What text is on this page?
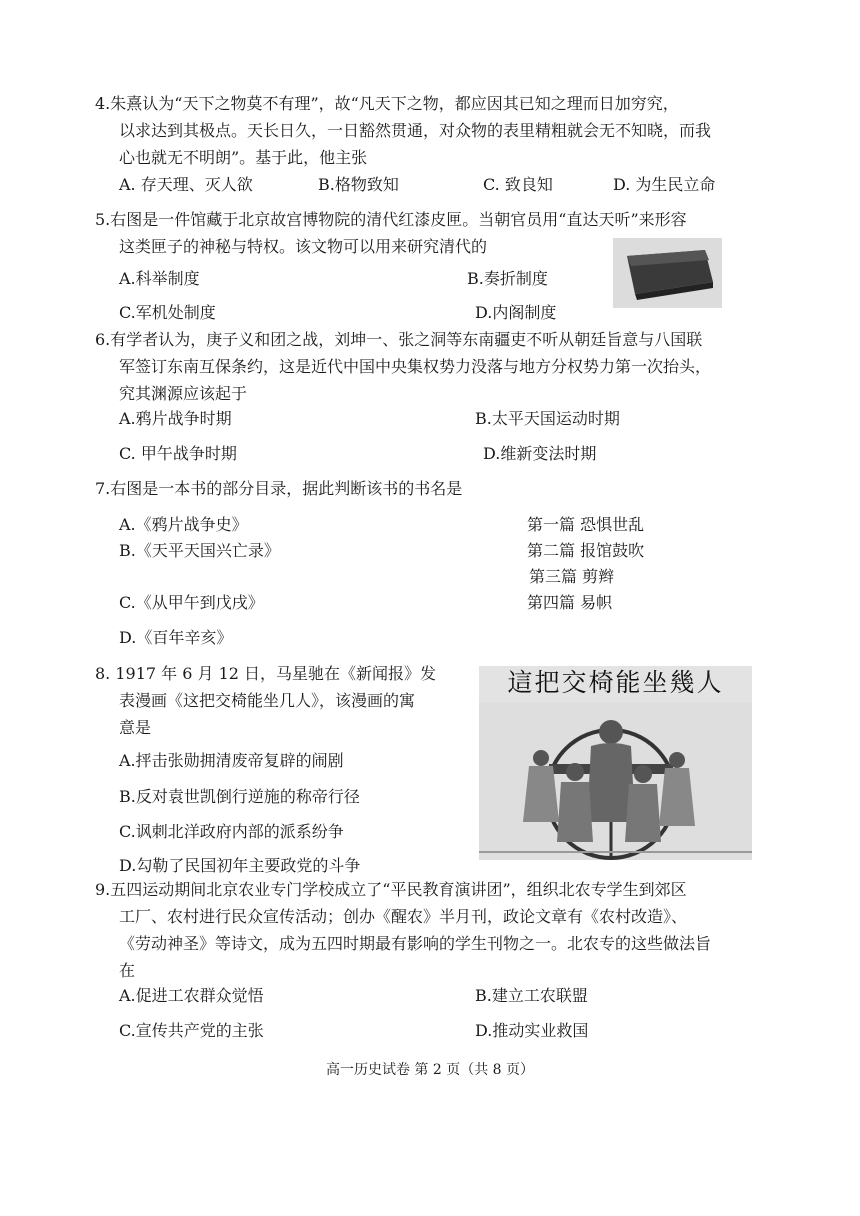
4.朱熹认为“天下之物莫不有理”，故“凡天下之物，都应因其已知之理而日加穷究，
以求达到其极点。天长日久，一日豁然贯通，对众物的表里精粗就会无不知晓，而我
心也就无不明朗”。基于此，他主张
A. 存天理、灭人欲	B.格物致知	C. 致良知	D. 为生民立命
5.右图是一件馆藏于北京故宫博物院的清代红漆皮匣。当朝官员用“直达天听”来形容
这类匣子的神秘与特权。该文物可以用来研究清代的
A.科举制度	B.奏折制度
C.军机处制度	D.内阁制度
6.有学者认为，庚子义和团之战，刘坤一、张之洞等东南疆吏不听从朝廷旨意与八国联
军签订东南互保条约，这是近代中国中央集权势力没落与地方分权势力第一次抬头，
究其渊源应该起于
A.鸦片战争时期	B.太平天国运动时期
C. 甲午战争时期	D.维新变法时期
7.右图是一本书的部分目录，据此判断该书的书名是
A.《鸦片战争史》
B.《天平天国兴亡录》
C.《从甲午到戊戌》
D.《百年辛亥》
第一篇 恐惧世乱
第二篇 报馆鼓吹
第三篇 剪辫
第四篇 易帜
8. 1917 年 6 月 12 日，马星驰在《新闻报》发
表漫画《这把交椅能坐几人》，该漫画的寓
意是
A.抨击张勋拥清废帝复辟的闹剧
B.反对袁世凯倒行逆施的称帝行径
C.讽刺北洋政府内部的派系纷争
D.勾勒了民国初年主要政党的斗争
這把交椅能坐幾人
9.五四运动期间北京农业专门学校成立了“平民教育演讲团”，组织北农专学生到郊区
工厂、农村进行民众宣传活动；创办《醒农》半月刊，政论文章有《农村改造》、
《劳动神圣》等诗文，成为五四时期最有影响的学生刊物之一。北农专的这些做法旨
在
A.促进工农群众觉悟	B.建立工农联盟
C.宣传共产党的主张	D.推动实业救国
高一历史试卷 第 2 页（共 8 页）
